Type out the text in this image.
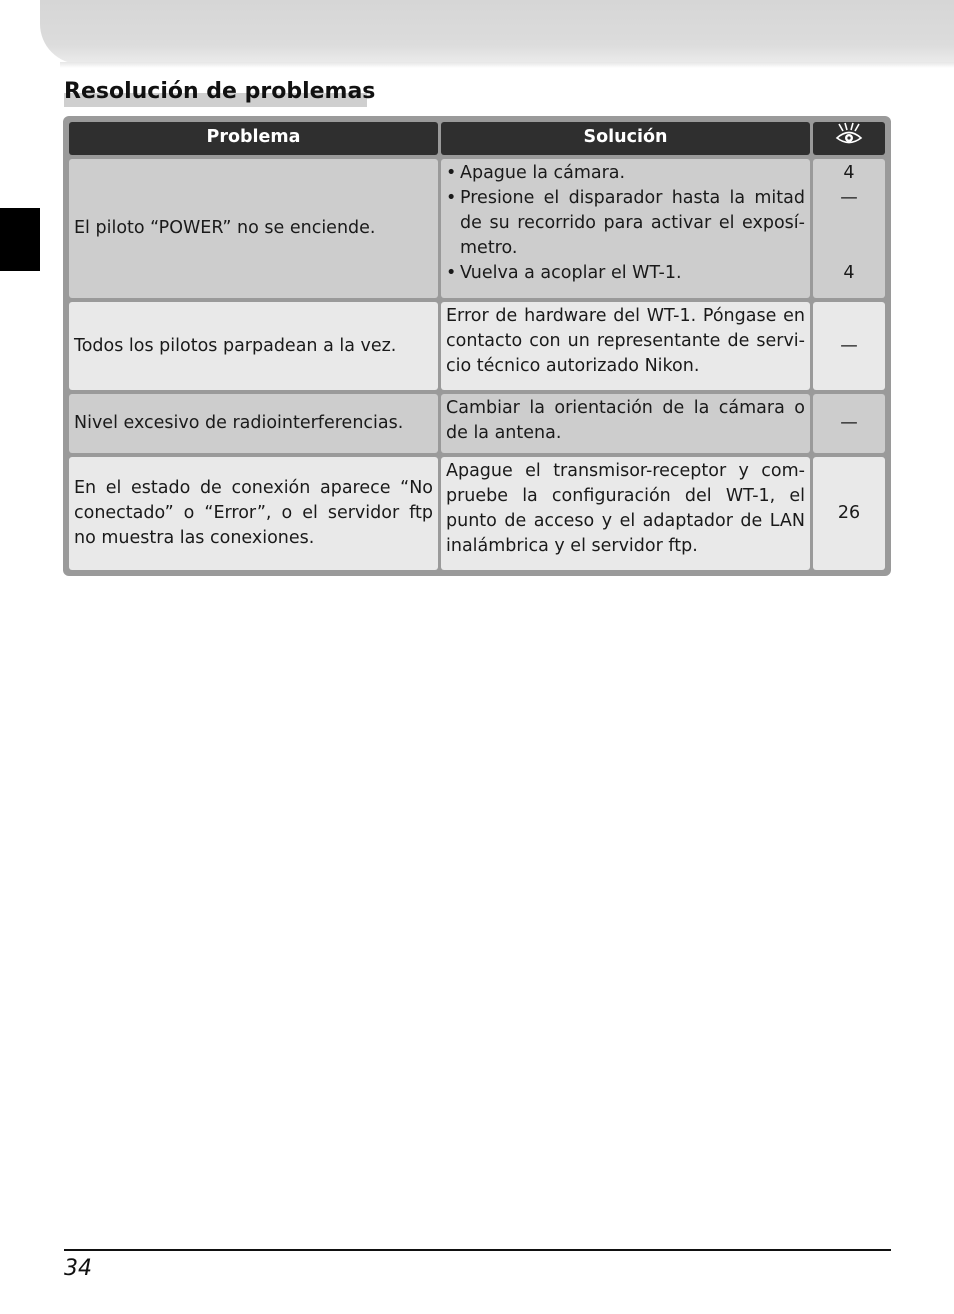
Resolución de problemas
Problema	Solución
El piloto “POWER” no se enciende.
• Apague la cámara.
• Presione el disparador hasta la mitad de su recorrido para activar el exposímetro.
• Vuelva a acoplar el WT-1.
4
—
4
Todos los pilotos parpadean a la vez.
Error de hardware del WT-1. Póngase en contacto con un representante de servicio técnico autorizado Nikon.
—
Nivel excesivo de radiointerferencias.
Cambiar la orientación de la cámara o de la antena.	—
En el estado de conexión aparece “No conectado” o “Error”, o el servidor ftp no muestra las conexiones.
Apague el transmisor-receptor y compruebe la configuración del WT-1, el punto de acceso y el adaptador de LAN inalámbrica y el servidor ftp.
26
34
